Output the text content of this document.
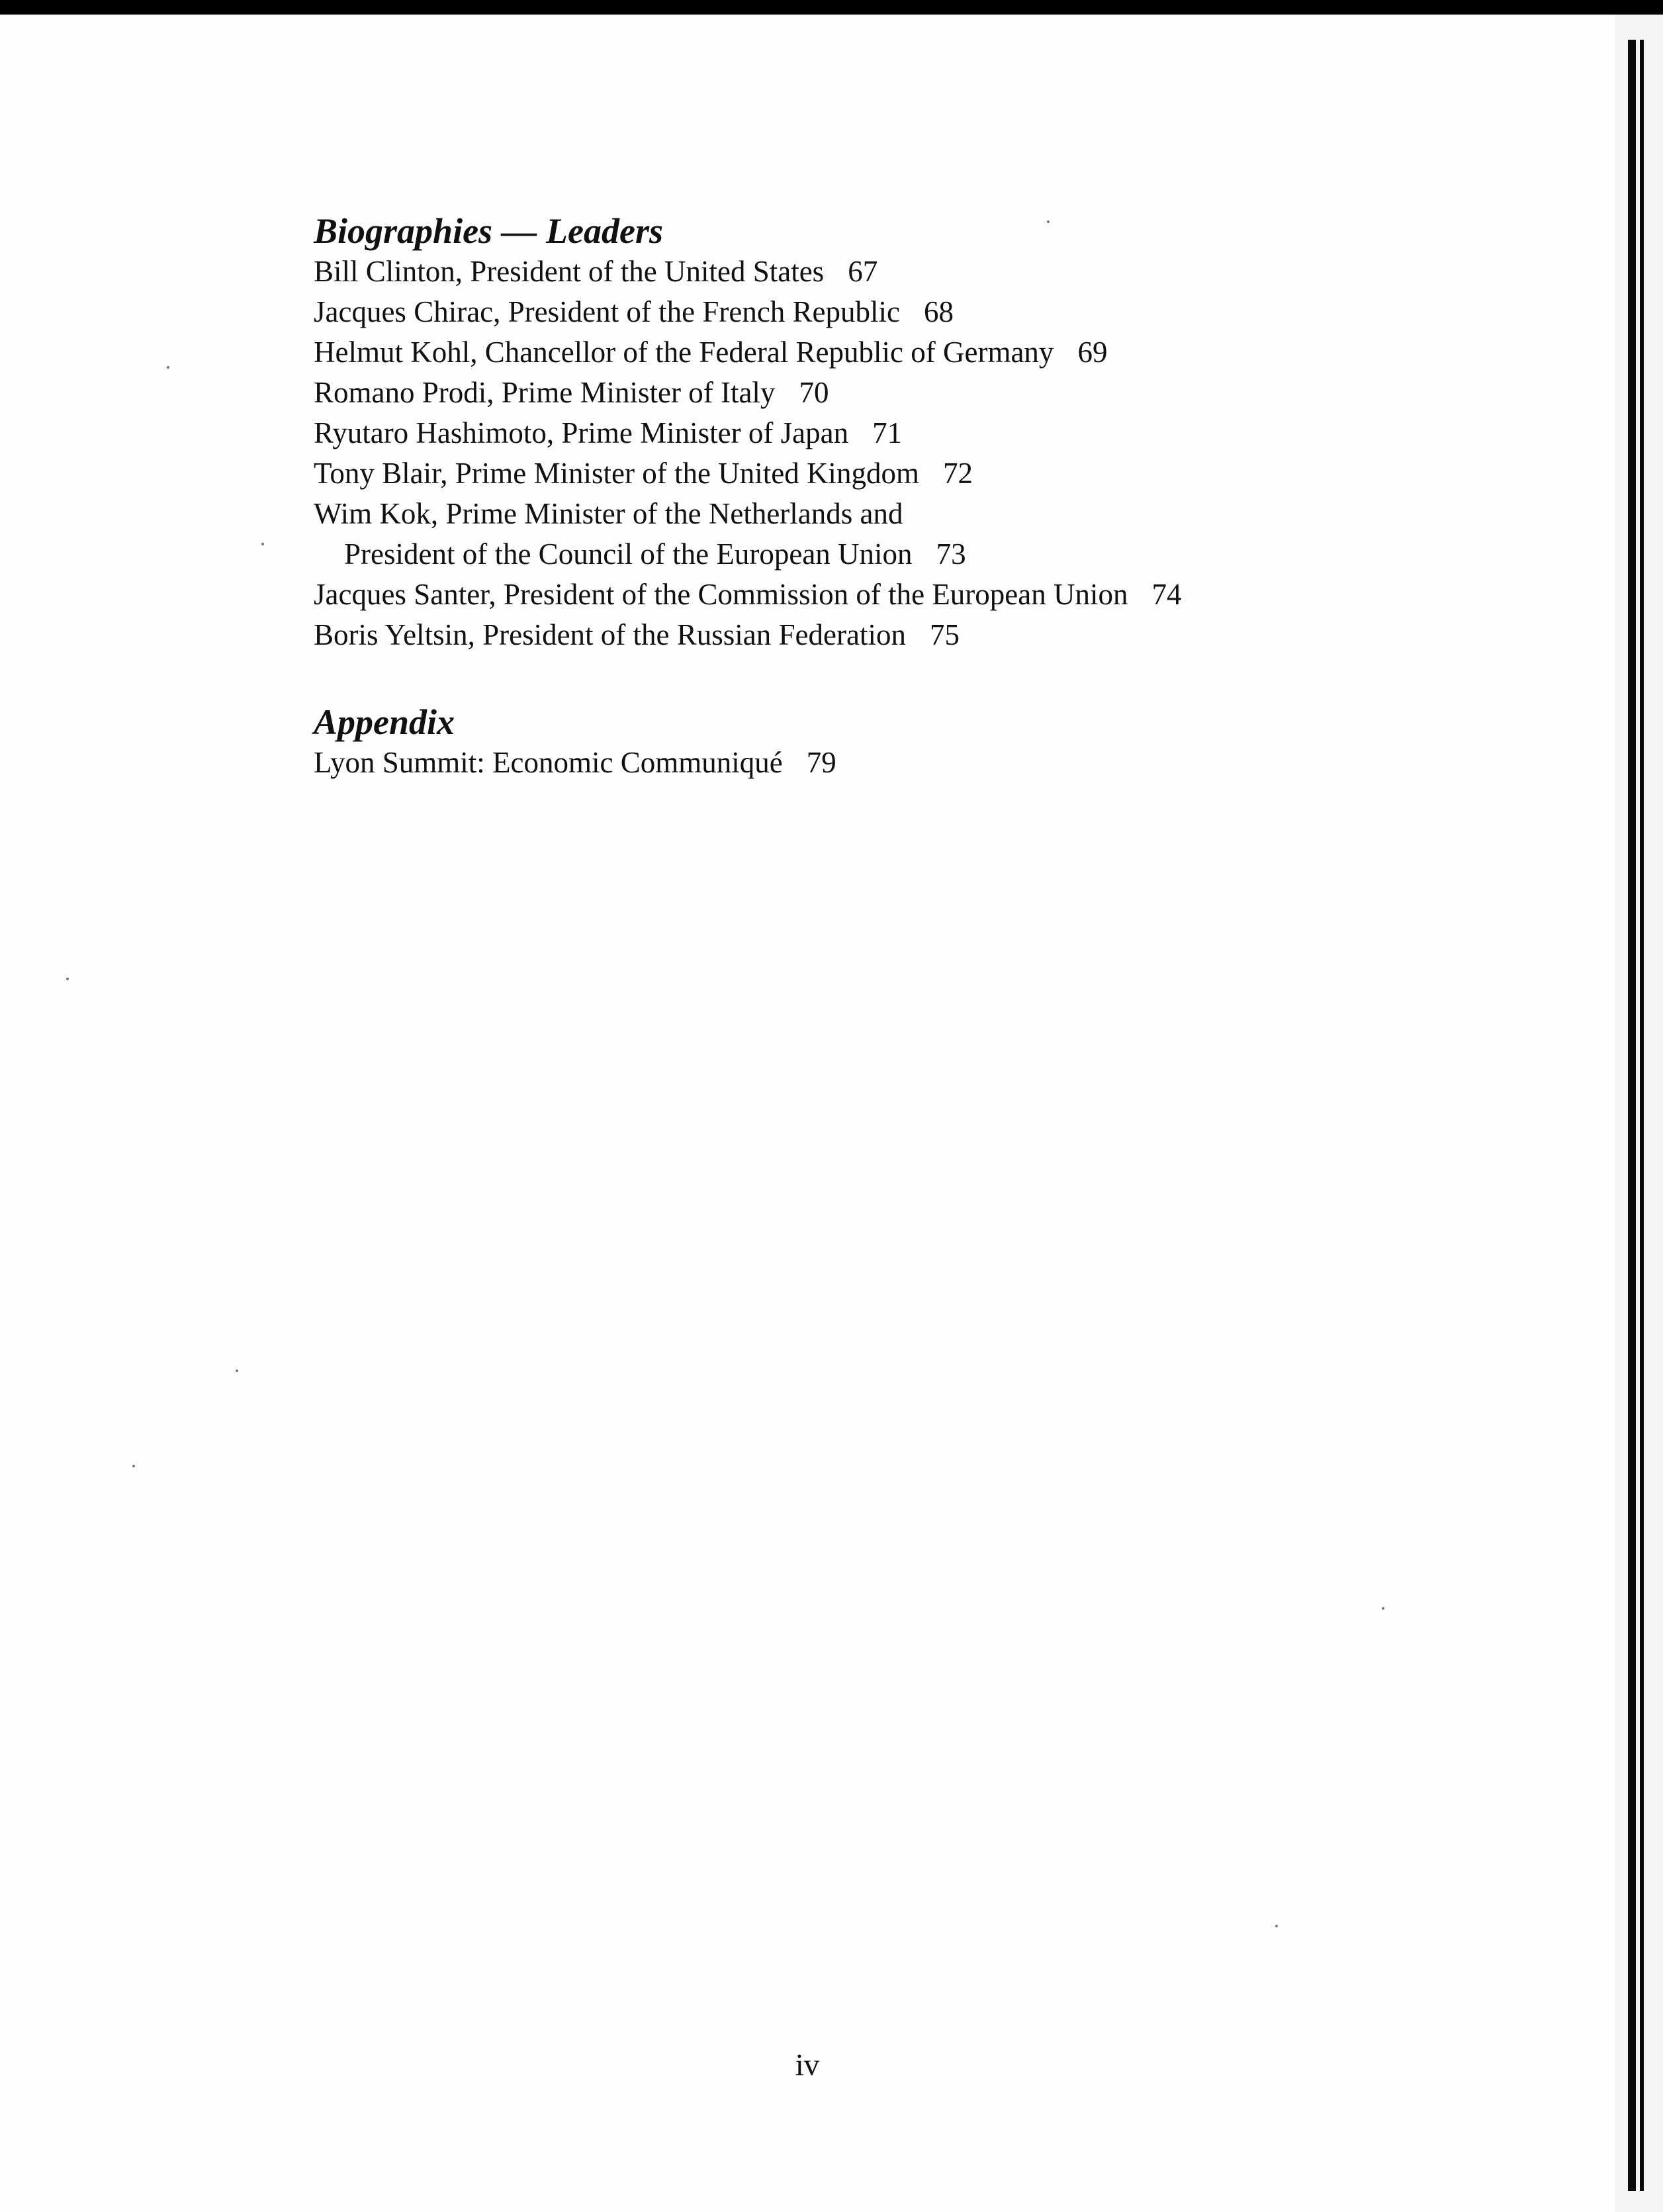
Biographies — Leaders
Bill Clinton, President of the United States 67
Jacques Chirac, President of the French Republic 68
Helmut Kohl, Chancellor of the Federal Republic of Germany 69
Romano Prodi, Prime Minister of Italy 70
Ryutaro Hashimoto, Prime Minister of Japan 71
Tony Blair, Prime Minister of the United Kingdom 72
Wim Kok, Prime Minister of the Netherlands and
President of the Council of the European Union 73
Jacques Santer, President of the Commission of the European Union 74
Boris Yeltsin, President of the Russian Federation 75
Appendix
Lyon Summit: Economic Communiqué 79
iv
